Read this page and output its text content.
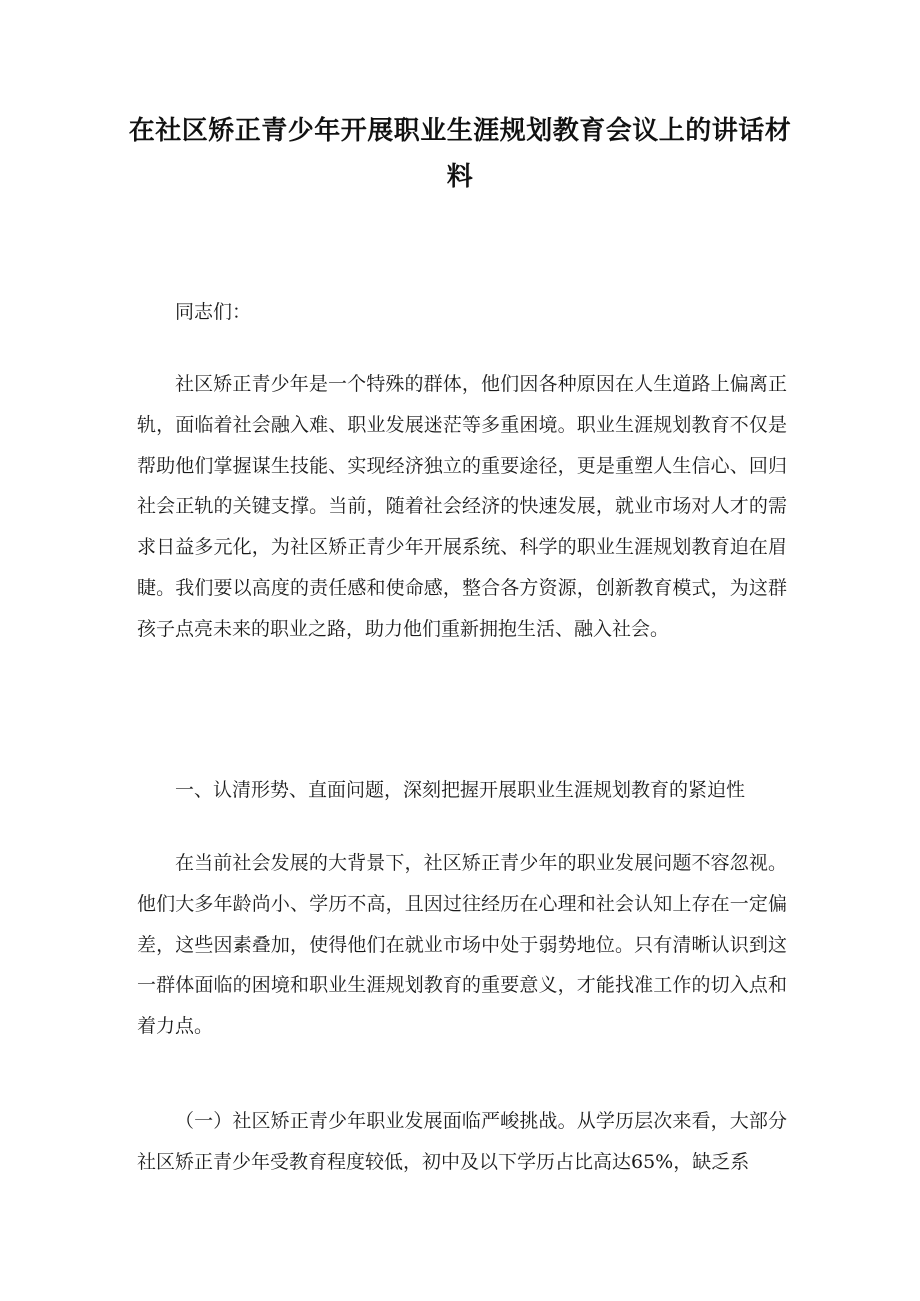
在社区矫正青少年开展职业生涯规划教育会议上的讲话材料

同志们：

社区矫正青少年是一个特殊的群体，他们因各种原因在人生道路上偏离正轨，面临着社会融入难、职业发展迷茫等多重困境。职业生涯规划教育不仅是帮助他们掌握谋生技能、实现经济独立的重要途径，更是重塑人生信心、回归社会正轨的关键支撑。当前，随着社会经济的快速发展，就业市场对人才的需求日益多元化，为社区矫正青少年开展系统、科学的职业生涯规划教育迫在眉睫。我们要以高度的责任感和使命感，整合各方资源，创新教育模式，为这群孩子点亮未来的职业之路，助力他们重新拥抱生活、融入社会。

一、认清形势、直面问题，深刻把握开展职业生涯规划教育的紧迫性

在当前社会发展的大背景下，社区矫正青少年的职业发展问题不容忽视。他们大多年龄尚小、学历不高，且因过往经历在心理和社会认知上存在一定偏差，这些因素叠加，使得他们在就业市场中处于弱势地位。只有清晰认识到这一群体面临的困境和职业生涯规划教育的重要意义，才能找准工作的切入点和着力点。

（一）社区矫正青少年职业发展面临严峻挑战。从学历层次来看，大部分社区矫正青少年受教育程度较低，初中及以下学历占比高达65%，缺乏系
